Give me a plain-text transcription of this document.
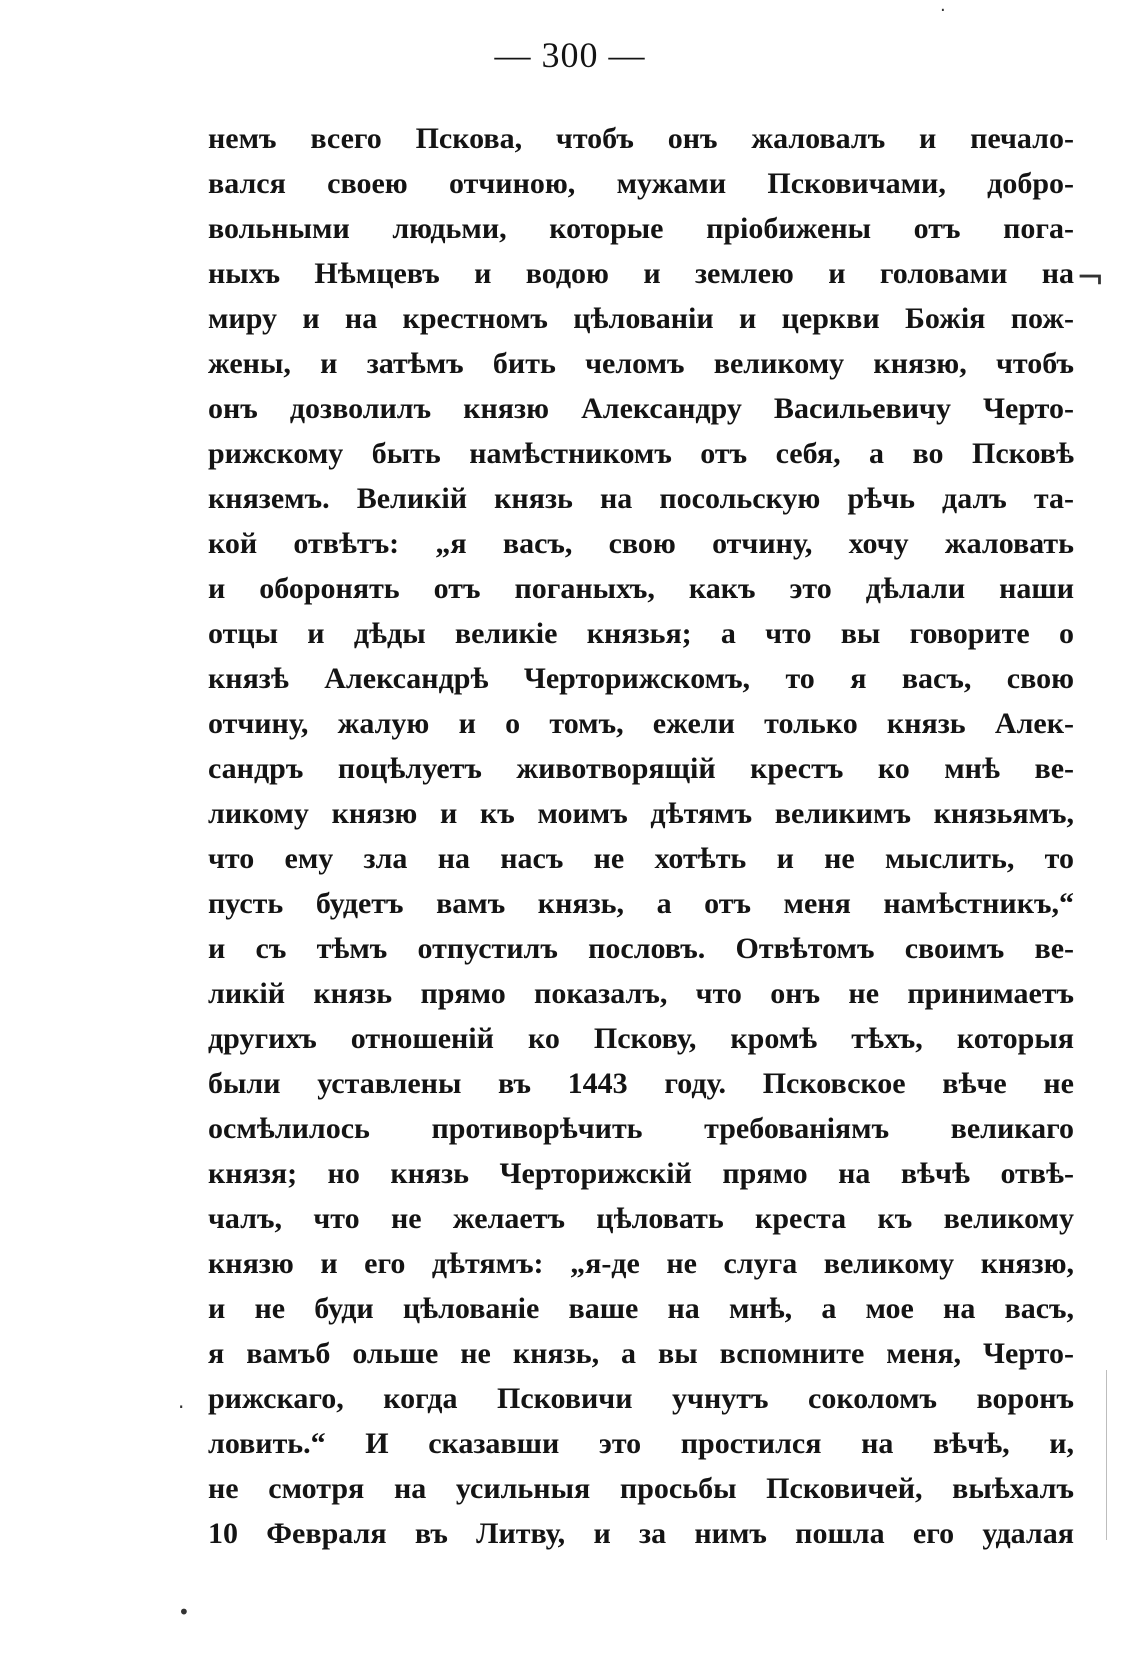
·
¬
·
•
— 300 —
немъ всего Пскова, чтобъ онъ жаловалъ и печало-
вался своею отчиною, мужами Псковичами, добро-
вольными людьми, которые пріобижены отъ пога-
ныхъ Нѣмцевъ и водою и землею и головами на
миру и на крестномъ цѣлованіи и церкви Божія пож-
жены, и затѣмъ бить челомъ великому князю, чтобъ
онъ дозволилъ князю Александру Васильевичу Черто-
рижскому быть намѣстникомъ отъ себя, а во Псковѣ
княземъ. Великій князь на посольскую рѣчь далъ та-
кой отвѣтъ: „я васъ, свою отчину, хочу жаловать
и оборонять отъ поганыхъ, какъ это дѣлали наши
отцы и дѣды великіе князья; а что вы говорите о
князѣ Александрѣ Черторижскомъ, то я васъ, свою
отчину, жалую и о томъ, ежели только князь Алек-
сандръ поцѣлуетъ животворящій крестъ ко мнѣ ве-
ликому князю и къ моимъ дѣтямъ великимъ князьямъ,
что ему зла на насъ не хотѣть и не мыслить, то
пусть будетъ вамъ князь, а отъ меня намѣстникъ,“
и съ тѣмъ отпустилъ пословъ. Отвѣтомъ своимъ ве-
ликій князь прямо показалъ, что онъ не принимаетъ
другихъ отношеній ко Пскову, кромѣ тѣхъ, которыя
были уставлены въ 1443 году. Псковское вѣче не
осмѣлилось противорѣчить требованіямъ великаго
князя; но князь Черторижскій прямо на вѣчѣ отвѣ-
чалъ, что не желаетъ цѣловать креста къ великому
князю и его дѣтямъ: „я-де не слуга великому князю,
и не буди цѣлованіе ваше на мнѣ, а мое на васъ,
я вамъб ольше не князь, а вы вспомните меня, Черто-
рижскаго, когда Псковичи учнутъ соколомъ воронъ
ловить.“ И сказавши это простился на вѣчѣ, и,
не смотря на усильныя просьбы Псковичей, выѣхалъ
10 Февраля въ Литву, и за нимъ пошла его удалая
